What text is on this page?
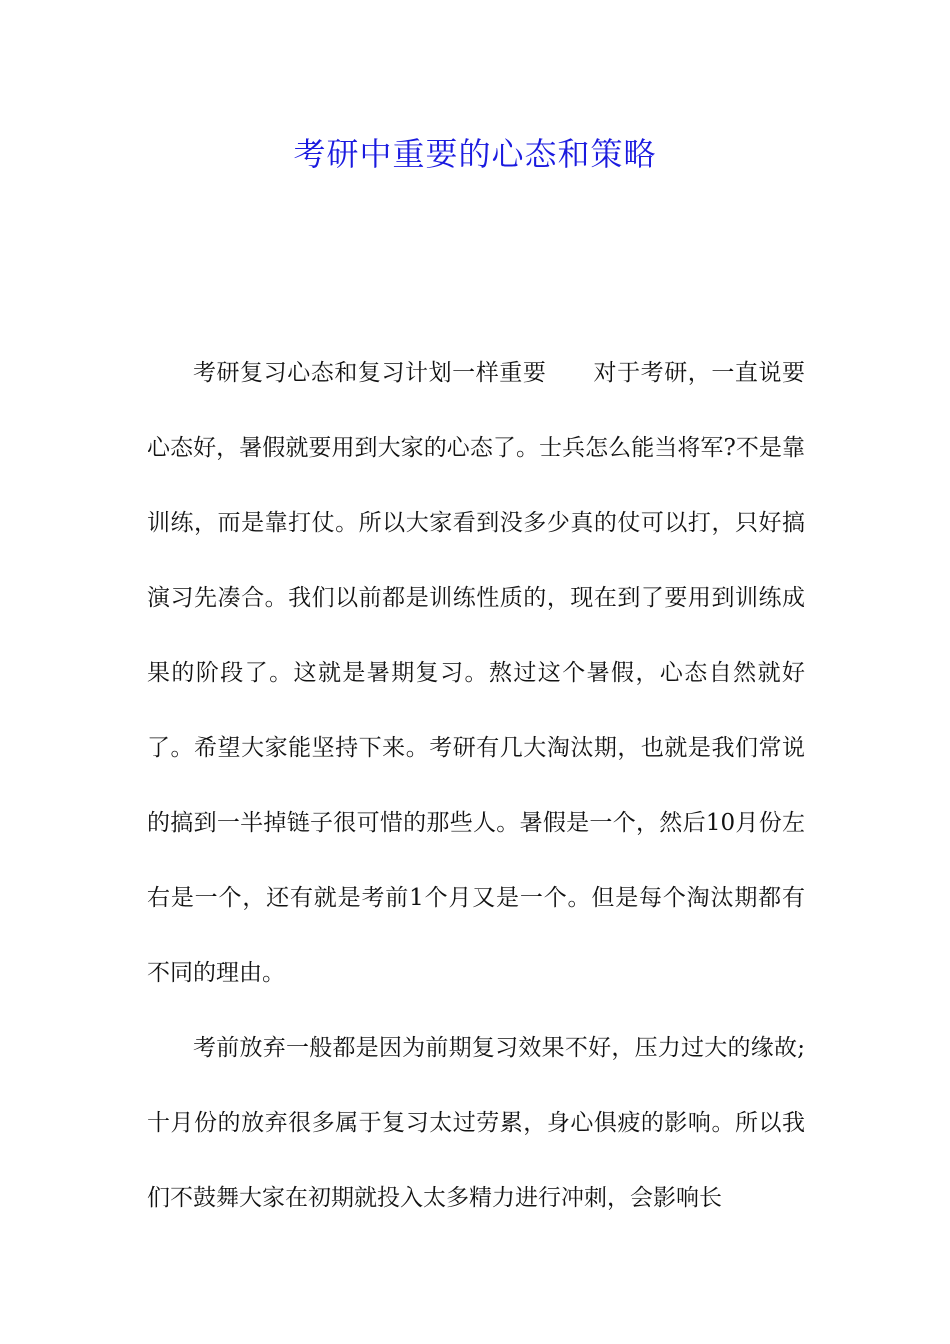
考研中重要的心态和策略

考研复习心态和复习计划一样重要　　对于考研，一直说要心态好，暑假就要用到大家的心态了。士兵怎么能当将军?不是靠训练，而是靠打仗。所以大家看到没多少真的仗可以打，只好搞演习先凑合。我们以前都是训练性质的，现在到了要用到训练成果的阶段了。这就是暑期复习。熬过这个暑假，心态自然就好了。希望大家能坚持下来。考研有几大淘汰期，也就是我们常说的搞到一半掉链子很可惜的那些人。暑假是一个，然后10月份左右是一个，还有就是考前1个月又是一个。但是每个淘汰期都有不同的理由。

考前放弃一般都是因为前期复习效果不好，压力过大的缘故;十月份的放弃很多属于复习太过劳累，身心俱疲的影响。所以我们不鼓舞大家在初期就投入太多精力进行冲刺，会影响长
